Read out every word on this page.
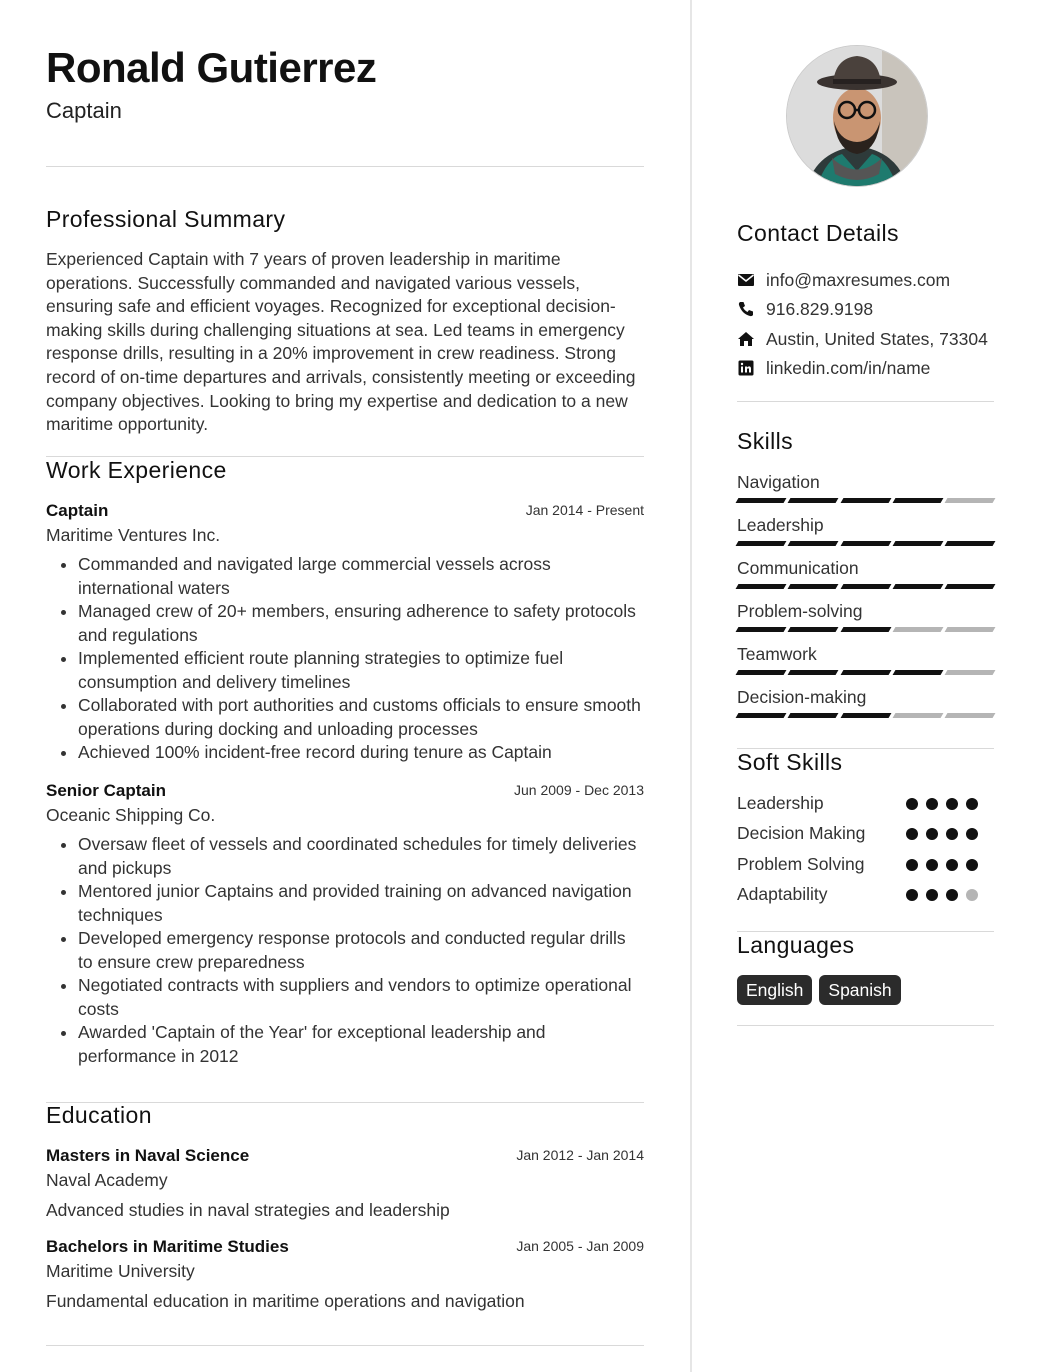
Ronald Gutierrez
Captain
Professional Summary

Experienced Captain with 7 years of proven leadership in maritime operations. Successfully commanded and navigated various vessels, ensuring safe and efficient voyages. Recognized for exceptional decision-making skills during challenging situations at sea. Led teams in emergency response drills, resulting in a 20% improvement in crew readiness. Strong record of on-time departures and arrivals, consistently meeting or exceeding company objectives. Looking to bring my expertise and dedication to a new maritime opportunity.

Work Experience
Captain	Jan 2014 - Present
Maritime Ventures Inc.
• Commanded and navigated large commercial vessels across international waters
• Managed crew of 20+ members, ensuring adherence to safety protocols and regulations
• Implemented efficient route planning strategies to optimize fuel consumption and delivery timelines
• Collaborated with port authorities and customs officials to ensure smooth operations during docking and unloading processes
• Achieved 100% incident-free record during tenure as Captain
Senior Captain	Jun 2009 - Dec 2013
Oceanic Shipping Co.
• Oversaw fleet of vessels and coordinated schedules for timely deliveries and pickups
• Mentored junior Captains and provided training on advanced navigation techniques
• Developed emergency response protocols and conducted regular drills to ensure crew preparedness
• Negotiated contracts with suppliers and vendors to optimize operational costs
• Awarded 'Captain of the Year' for exceptional leadership and performance in 2012
Education
Masters in Naval Science	Jan 2012 - Jan 2014
Naval Academy
Advanced studies in naval strategies and leadership
Bachelors in Maritime Studies	Jan 2005 - Jan 2009
Maritime University
Fundamental education in maritime operations and navigation
Contact Details
info@maxresumes.com
916.829.9198
Austin, United States, 73304
linkedin.com/in/name
Skills
Navigation
Leadership
Communication
Problem-solving
Teamwork
Decision-making
Soft Skills
Leadership
Decision Making
Problem Solving
Adaptability
Languages
English	Spanish
